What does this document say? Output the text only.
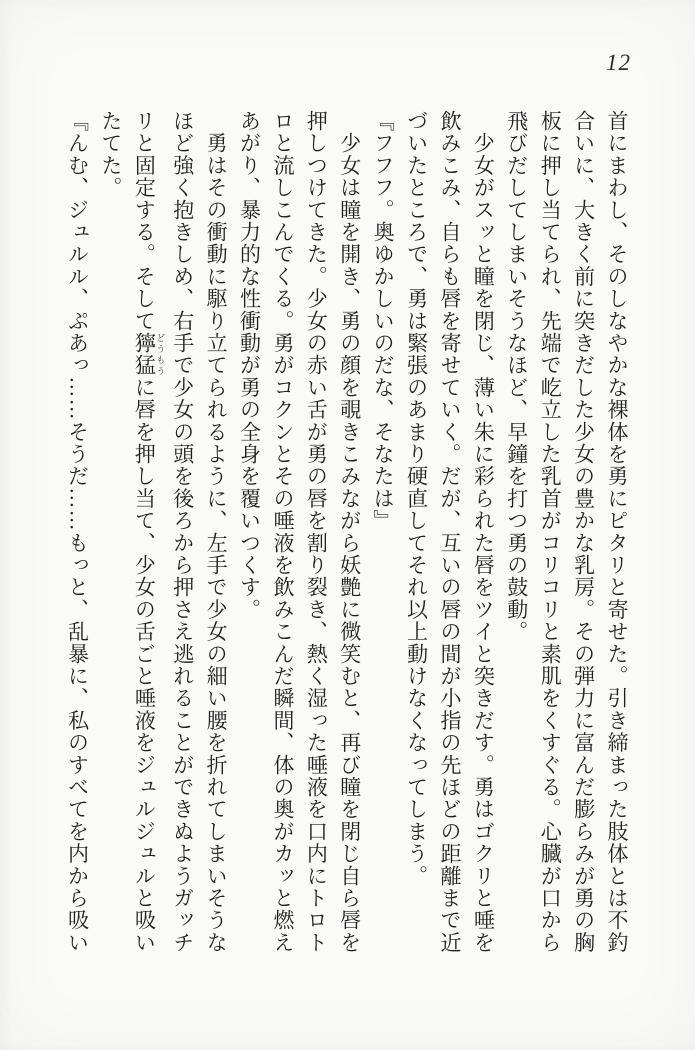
12
首にまわし、そのしなやかな裸体を勇にピタリと寄せた。引き締まった肢体とは不釣
合いに、大きく前に突きだした少女の豊かな乳房。その弾力に富んだ膨らみが勇の胸
板に押し当てられ、先端で屹立した乳首がコリコリと素肌をくすぐる。心臓が口から
飛びだしてしまいそうなほど、早鐘を打つ勇の鼓動。
　少女がスッと瞳を閉じ、薄い朱に彩られた唇をツイと突きだす。勇はゴクリと唾を
飲みこみ、自らも唇を寄せていく。だが、互いの唇の間が小指の先ほどの距離まで近
づいたところで、勇は緊張のあまり硬直してそれ以上動けなくなってしまう。
『フフフ。奥ゆかしいのだな、そなたは』
　少女は瞳を開き、勇の顔を覗きこみながら妖艶に微笑むと、再び瞳を閉じ自ら唇を
押しつけてきた。少女の赤い舌が勇の唇を割り裂き、熱く湿った唾液を口内にトロト
ロと流しこんでくる。勇がコクンとその唾液を飲みこんだ瞬間、体の奥がカッと燃え
あがり、暴力的な性衝動が勇の全身を覆いつくす。
　勇はその衝動に駆り立てられるように、左手で少女の細い腰を折れてしまいそうな
ほど強く抱きしめ、右手で少女の頭を後ろから押さえ逃れることができぬようガッチ
リと固定する。そして獰猛 どうもうに唇を押し当て、少女の舌ごと唾液をジュルジュルと吸い
たてた。
『んむ、ジュルル、ぷあっ……そうだ……もっと、乱暴に、私のすべてを内から吸い
